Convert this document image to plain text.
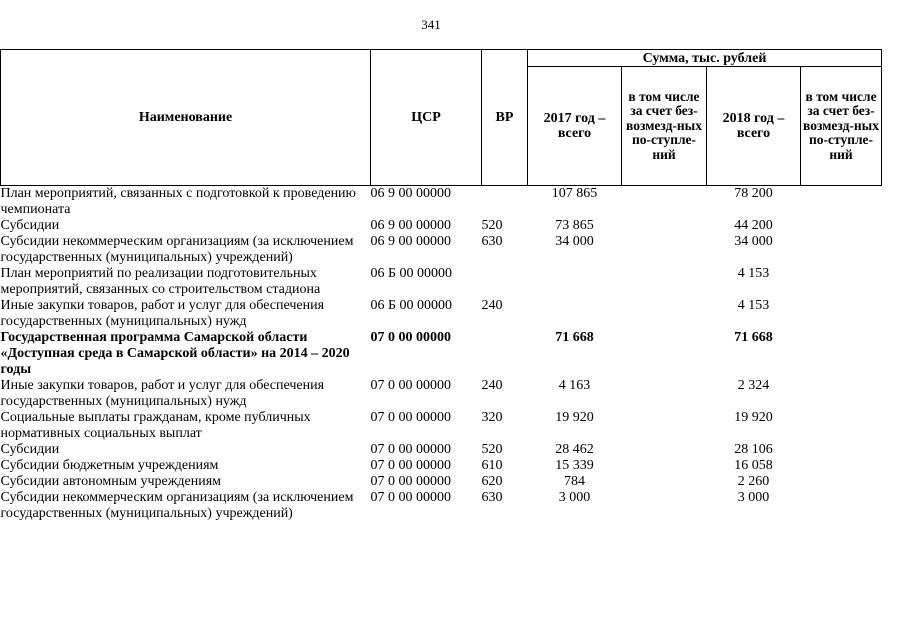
341
Наименование	ЦСР	ВР	Сумма, тыс. рублей			
			2017 год – всего	в том числе за счет без-возмезд-ных по-ступле-ний	2018 год – всего	в том числе за счет без-возмезд-ных по-ступле-ний
План мероприятий, связанных с подготовкой к проведению чемпионата	06 9 00 00000		107 865		78 200	
Субсидии	06 9 00 00000	520	73 865		44 200	
Субсидии некоммерческим организациям (за исключением государственных (муниципальных) учреждений)	06 9 00 00000	630	34 000		34 000	
План мероприятий по реализации подготовительных мероприятий, связанных со строительством стадиона	06 Б 00 00000				4 153	
Иные закупки товаров, работ и услуг для обеспечения государственных (муниципальных) нужд	06 Б 00 00000	240			4 153	
Государственная программа Самарской области «Доступная среда в Самарской области» на 2014 – 2020 годы	07 0 00 00000		71 668		71 668	
Иные закупки товаров, работ и услуг для обеспечения государственных (муниципальных) нужд	07 0 00 00000	240	4 163		2 324	
Социальные выплаты гражданам, кроме публичных нормативных социальных выплат	07 0 00 00000	320	19 920		19 920	
Субсидии	07 0 00 00000	520	28 462		28 106	
Субсидии бюджетным учреждениям	07 0 00 00000	610	15 339		16 058	
Субсидии автономным учреждениям	07 0 00 00000	620	784		2 260	
Субсидии некоммерческим организациям (за исключением государственных (муниципальных) учреждений)	07 0 00 00000	630	3 000		3 000	
